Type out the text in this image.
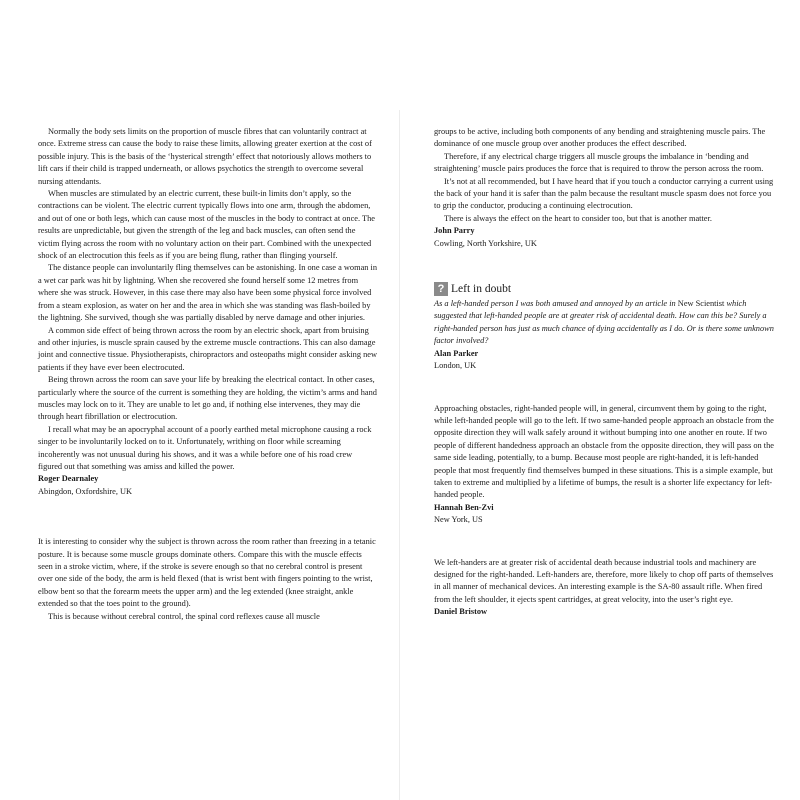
Normally the body sets limits on the proportion of muscle fibres that can voluntarily contract at once. Extreme stress can cause the body to raise these limits, allowing greater exertion at the cost of possible injury. This is the basis of the ‘hysterical strength’ effect that notoriously allows mothers to lift cars if their child is trapped underneath, or allows psychotics the strength to overcome several nursing attendants.

When muscles are stimulated by an electric current, these built-in limits don’t apply, so the contractions can be violent. The electric current typically flows into one arm, through the abdomen, and out of one or both legs, which can cause most of the muscles in the body to contract at once. The results are unpredictable, but given the strength of the leg and back muscles, can often send the victim flying across the room with no voluntary action on their part. Combined with the unexpected shock of an electrocution this feels as if you are being flung, rather than flinging yourself.

The distance people can involuntarily fling themselves can be astonishing. In one case a woman in a wet car park was hit by lightning. When she recovered she found herself some 12 metres from where she was struck. However, in this case there may also have been some physical force involved from a steam explosion, as water on her and the area in which she was standing was flash-boiled by the lightning. She survived, though she was partially disabled by nerve damage and other injuries.

A common side effect of being thrown across the room by an electric shock, apart from bruising and other injuries, is muscle sprain caused by the extreme muscle contractions. This can also damage joint and connective tissue. Physiotherapists, chiropractors and osteopaths might consider asking new patients if they have ever been electrocuted.

Being thrown across the room can save your life by breaking the electrical contact. In other cases, particularly where the source of the current is something they are holding, the victim’s arms and hand muscles may lock on to it. They are unable to let go and, if nothing else intervenes, they may die through heart fibrillation or electrocution.

I recall what may be an apocryphal account of a poorly earthed metal microphone causing a rock singer to be involuntarily locked on to it. Unfortunately, writhing on floor while screaming incoherently was not unusual during his shows, and it was a while before one of his road crew figured out that something was amiss and killed the power.

Roger Dearnaley

Abingdon, Oxfordshire, UK

It is interesting to consider why the subject is thrown across the room rather than freezing in a tetanic posture. It is because some muscle groups dominate others. Compare this with the muscle effects seen in a stroke victim, where, if the stroke is severe enough so that no cerebral control is present over one side of the body, the arm is held flexed (that is wrist bent with fingers pointing to the wrist, elbow bent so that the forearm meets the upper arm) and the leg extended (knee straight, ankle extended so that the toes point to the ground).

This is because without cerebral control, the spinal cord reflexes cause all muscle

groups to be active, including both components of any bending and straightening muscle pairs. The dominance of one muscle group over another produces the effect described.

Therefore, if any electrical charge triggers all muscle groups the imbalance in ‘bending and straightening’ muscle pairs produces the force that is required to throw the person across the room.

It’s not at all recommended, but I have heard that if you touch a conductor carrying a current using the back of your hand it is safer than the palm because the resultant muscle spasm does not force you to grip the conductor, producing a continuing electrocution.

There is always the effect on the heart to consider too, but that is another matter.

John Parry

Cowling, North Yorkshire, UK

? Left in doubt

As a left-handed person I was both amused and annoyed by an article in New Scientist which suggested that left-handed people are at greater risk of accidental death. How can this be? Surely a right-handed person has just as much chance of dying accidentally as I do. Or is there some unknown factor involved?

Alan Parker

London, UK

Approaching obstacles, right-handed people will, in general, circumvent them by going to the right, while left-handed people will go to the left. If two same-handed people approach an obstacle from the opposite direction they will walk safely around it without bumping into one another en route. If two people of different handedness approach an obstacle from the opposite direction, they will pass on the same side leading, potentially, to a bump. Because most people are right-handed, it is left-handed people that most frequently find themselves bumped in these situations. This is a simple example, but taken to extreme and multiplied by a lifetime of bumps, the result is a shorter life expectancy for left-handed people.

Hannah Ben-Zvi

New York, US

We left-handers are at greater risk of accidental death because industrial tools and machinery are designed for the right-handed. Left-handers are, therefore, more likely to chop off parts of themselves in all manner of mechanical devices. An interesting example is the SA-80 assault rifle. When fired from the left shoulder, it ejects spent cartridges, at great velocity, into the user’s right eye.

Daniel Bristow
